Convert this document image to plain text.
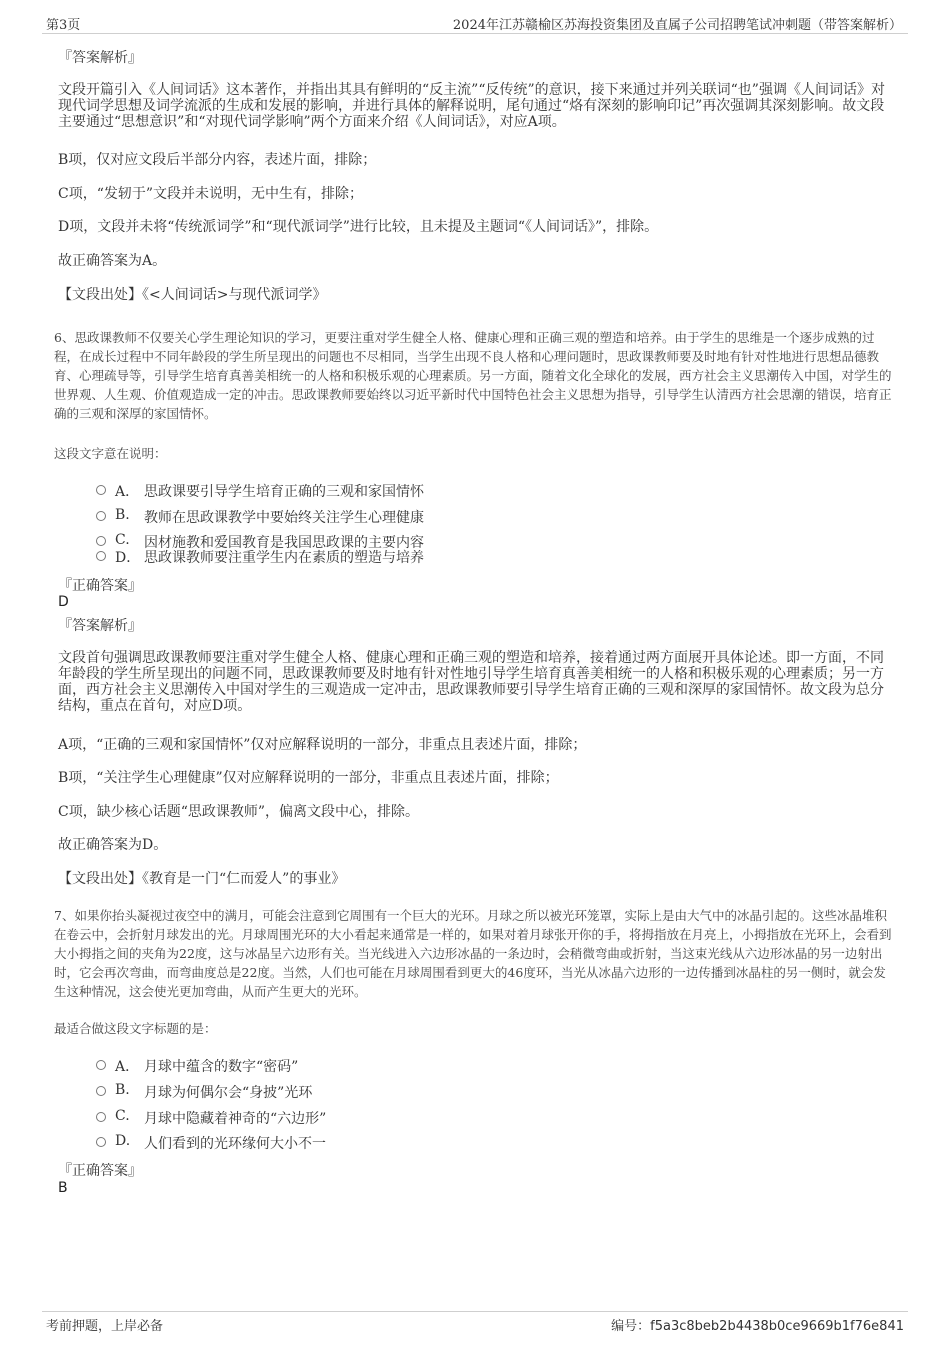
第3页	2024年江苏赣榆区苏海投资集团及直属子公司招聘笔试冲刺题（带答案解析）
『答案解析』
文段开篇引入《人间词话》这本著作，并指出其具有鲜明的“反主流”“反传统”的意识，接下来通过并列关联词“也”强调《人间词话》对现代词学思想及词学流派的生成和发展的影响，并进行具体的解释说明，尾句通过“烙有深刻的影响印记”再次强调其深刻影响。故文段主要通过“思想意识”和“对现代词学影响”两个方面来介绍《人间词话》，对应A项。
B项，仅对应文段后半部分内容，表述片面，排除；
C项，“发轫于”文段并未说明，无中生有，排除；
D项，文段并未将“传统派词学”和“现代派词学”进行比较，且未提及主题词“《人间词话》”，排除。
故正确答案为A。
【文段出处】《<人间词话>与现代派词学》
6、思政课教师不仅要关心学生理论知识的学习，更要注重对学生健全人格、健康心理和正确三观的塑造和培养。由于学生的思维是一个逐步成熟的过程，在成长过程中不同年龄段的学生所呈现出的问题也不尽相同，当学生出现不良人格和心理问题时，思政课教师要及时地有针对性地进行思想品德教育、心理疏导等，引导学生培育真善美相统一的人格和积极乐观的心理素质。另一方面，随着文化全球化的发展，西方社会主义思潮传入中国，对学生的世界观、人生观、价值观造成一定的冲击。思政课教师要始终以习近平新时代中国特色社会主义思想为指导，引导学生认清西方社会思潮的错误，培育正确的三观和深厚的家国情怀。
这段文字意在说明：
A． 思政课要引导学生培育正确的三观和家国情怀
B. 教师在思政课教学中要始终关注学生心理健康
C. 因材施教和爱国教育是我国思政课的主要内容
D． 思政课教师要注重学生内在素质的塑造与培养
『正确答案』
D
『答案解析』
文段首句强调思政课教师要注重对学生健全人格、健康心理和正确三观的塑造和培养，接着通过两方面展开具体论述。即一方面，不同年龄段的学生所呈现出的问题不同，思政课教师要及时地有针对性地引导学生培育真善美相统一的人格和积极乐观的心理素质；另一方面，西方社会主义思潮传入中国对学生的三观造成一定冲击，思政课教师要引导学生培育正确的三观和深厚的家国情怀。故文段为总分结构，重点在首句，对应D项。
A项，“正确的三观和家国情怀”仅对应解释说明的一部分，非重点且表述片面，排除；
B项，“关注学生心理健康”仅对应解释说明的一部分，非重点且表述片面，排除；
C项，缺少核心话题“思政课教师”，偏离文段中心，排除。
故正确答案为D。
【文段出处】《教育是一门“仁而爱人”的事业》
7、如果你抬头凝视过夜空中的满月，可能会注意到它周围有一个巨大的光环。月球之所以被光环笼罩，实际上是由大气中的冰晶引起的。这些冰晶堆积在卷云中，会折射月球发出的光。月球周围光环的大小看起来通常是一样的，如果对着月球张开你的手，将拇指放在月亮上，小拇指放在光环上，会看到大小拇指之间的夹角为22度，这与冰晶呈六边形有关。当光线进入六边形冰晶的一条边时，会稍微弯曲或折射，当这束光线从六边形冰晶的另一边射出时，它会再次弯曲，而弯曲度总是22度。当然，人们也可能在月球周围看到更大的46度环，当光从冰晶六边形的一边传播到冰晶柱的另一侧时，就会发生这种情况，这会使光更加弯曲，从而产生更大的光环。
最适合做这段文字标题的是：
A． 月球中蕴含的数字“密码”
B. 月球为何偶尔会“身披”光环
C. 月球中隐藏着神奇的“六边形”
D. 人们看到的光环缘何大小不一
『正确答案』
B
考前押题，上岸必备	编号：f5a3c8beb2b4438b0ce9669b1f76e841
